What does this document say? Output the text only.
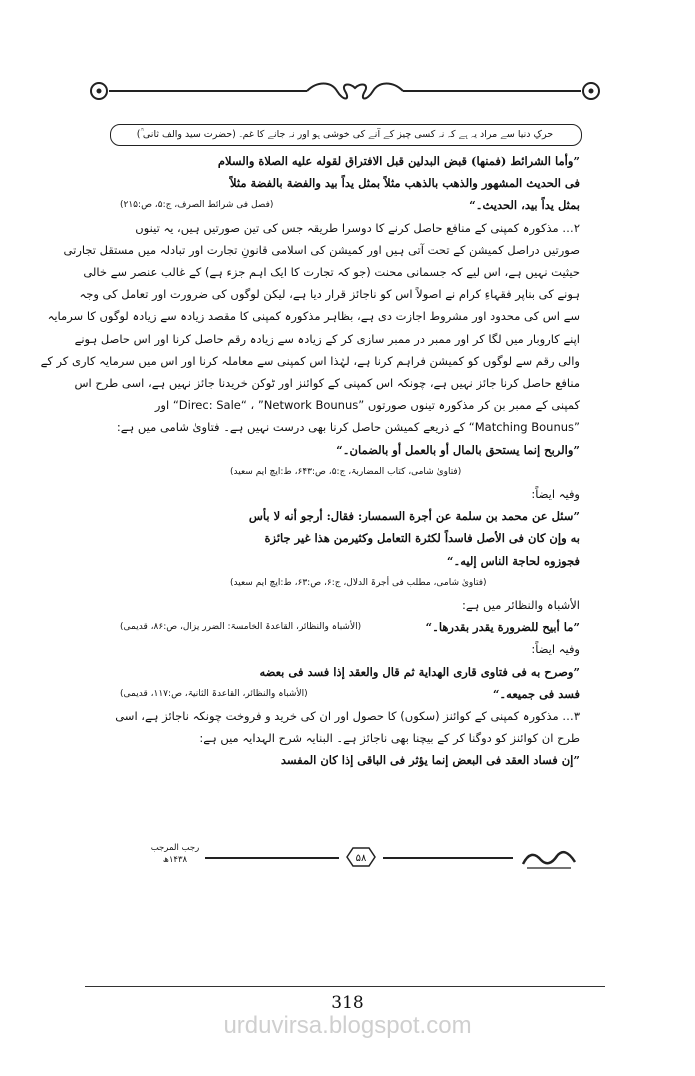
حرکِ دنیا سے مراد یہ ہے کہ نہ کسی چیز کے آنے کی خوشی ہو اور نہ جانے کا غم۔ (حضرت سید والف ثانی ؒ)
”وأما الشرائط (فمنها) قبض البدلين قبل الافتراق لقوله عليه الصلاة والسلام
فى الحديث المشهور والذهب بالذهب مثلاً بمثل يداً بيد والفضة بالفضة مثلاً
بمثل يداً بيد، الحديث۔“
(فصل فی شرائط الصرف، ج:۵، ص:۲۱۵)
۲… مذکورہ کمپنی کے منافع حاصل کرنے کا دوسرا طریقہ جس کی تین صورتیں ہیں، یہ تینوں
صورتیں دراصل کمیشن کے تحت آتی ہیں اور کمیشن کی اسلامی قانونِ تجارت اور تبادلہ میں مستقل تجارتی
حیثیت نہیں ہے، اس لیے کہ جسمانی محنت (جو کہ تجارت کا ایک اہم جزء ہے) کے غالب عنصر سے خالی
ہونے کی بناپر فقہاءِ کرام نے اصولاً اس کو ناجائز قرار دیا ہے، لیکن لوگوں کی ضرورت اور تعامل کی وجہ
سے اس کی محدود اور مشروط اجازت دی ہے، بظاہر مذکورہ کمپنی کا مقصد زیادہ سے زیادہ لوگوں کا سرمایہ
اپنے کاروبار میں لگا کر اور ممبر در ممبر سازی کر کے زیادہ سے زیادہ رقم حاصل کرنا اور اس حاصل ہونے
والی رقم سے لوگوں کو کمیشن فراہم کرنا ہے، لہٰذا اس کمپنی سے معاملہ کرنا اور اس میں سرمایہ کاری کر کے
منافع حاصل کرنا جائز نہیں ہے، چونکہ اس کمپنی کے کوائنز اور ٹوکن خریدنا جائز نہیں ہے، اسی طرح اس
کمپنی کے ممبر بن کر مذکورہ تینوں صورتوں ”Direc: Sale“ ، ”Network Bounus“ اور
”Matching Bounus“ کے ذریعے کمیشن حاصل کرنا بھی درست نہیں ہے۔ فتاویٰ شامی میں ہے:
”والربح إنما يستحق بالمال أو بالعمل أو بالضمان۔“
(فتاویٰ شامی، کتاب المضاربۃ، ج:۵، ص:۶۴۳، ط:ایچ ایم سعید)
وفیہ ایضاً:
”سئل عن محمد بن سلمة عن أجرة السمسار: فقال: أرجو أنه لا بأس
به وإن كان فى الأصل فاسداً لكثرة التعامل وكثيرمن هذا غير جائزة
فجوزوه لحاجة الناس إليه۔“
(فتاویٰ شامی، مطلب فی أجرۃ الدلال، ج:۶، ص:۶۳، ط:ایچ ایم سعید)
الأشباہ والنظائر میں ہے:
”ما أبيح للضرورة يقدر بقدرها۔“
(الأشباہ والنظائر، القاعدۃ الخامسۃ: الضرر یزال، ص:۸۶، قدیمی)
وفیہ ایضاً:
”وصرح به فى فتاوى قارى الهداية ثم قال والعقد إذا فسد فى بعضه
فسد فى جميعه۔“
(الأشباہ والنظائر، القاعدۃ الثانیۃ، ص:۱۱۷، قدیمی)
۳… مذکورہ کمپنی کے کوائنز (سکوں) کا حصول اور ان کی خرید و فروخت چونکہ ناجائز ہے، اسی
طرح ان کوائنز کو دوگنا کر کے بیچنا بھی ناجائز ہے۔ البنایہ شرح الہدایہ میں ہے:
”إن فساد العقد فى البعض إنما يؤثر فى الباقى إذا كان المفسد
۵۸
رجب المرجب
۱۴۳۸ھ
318
urduvirsa.blogspot.com
